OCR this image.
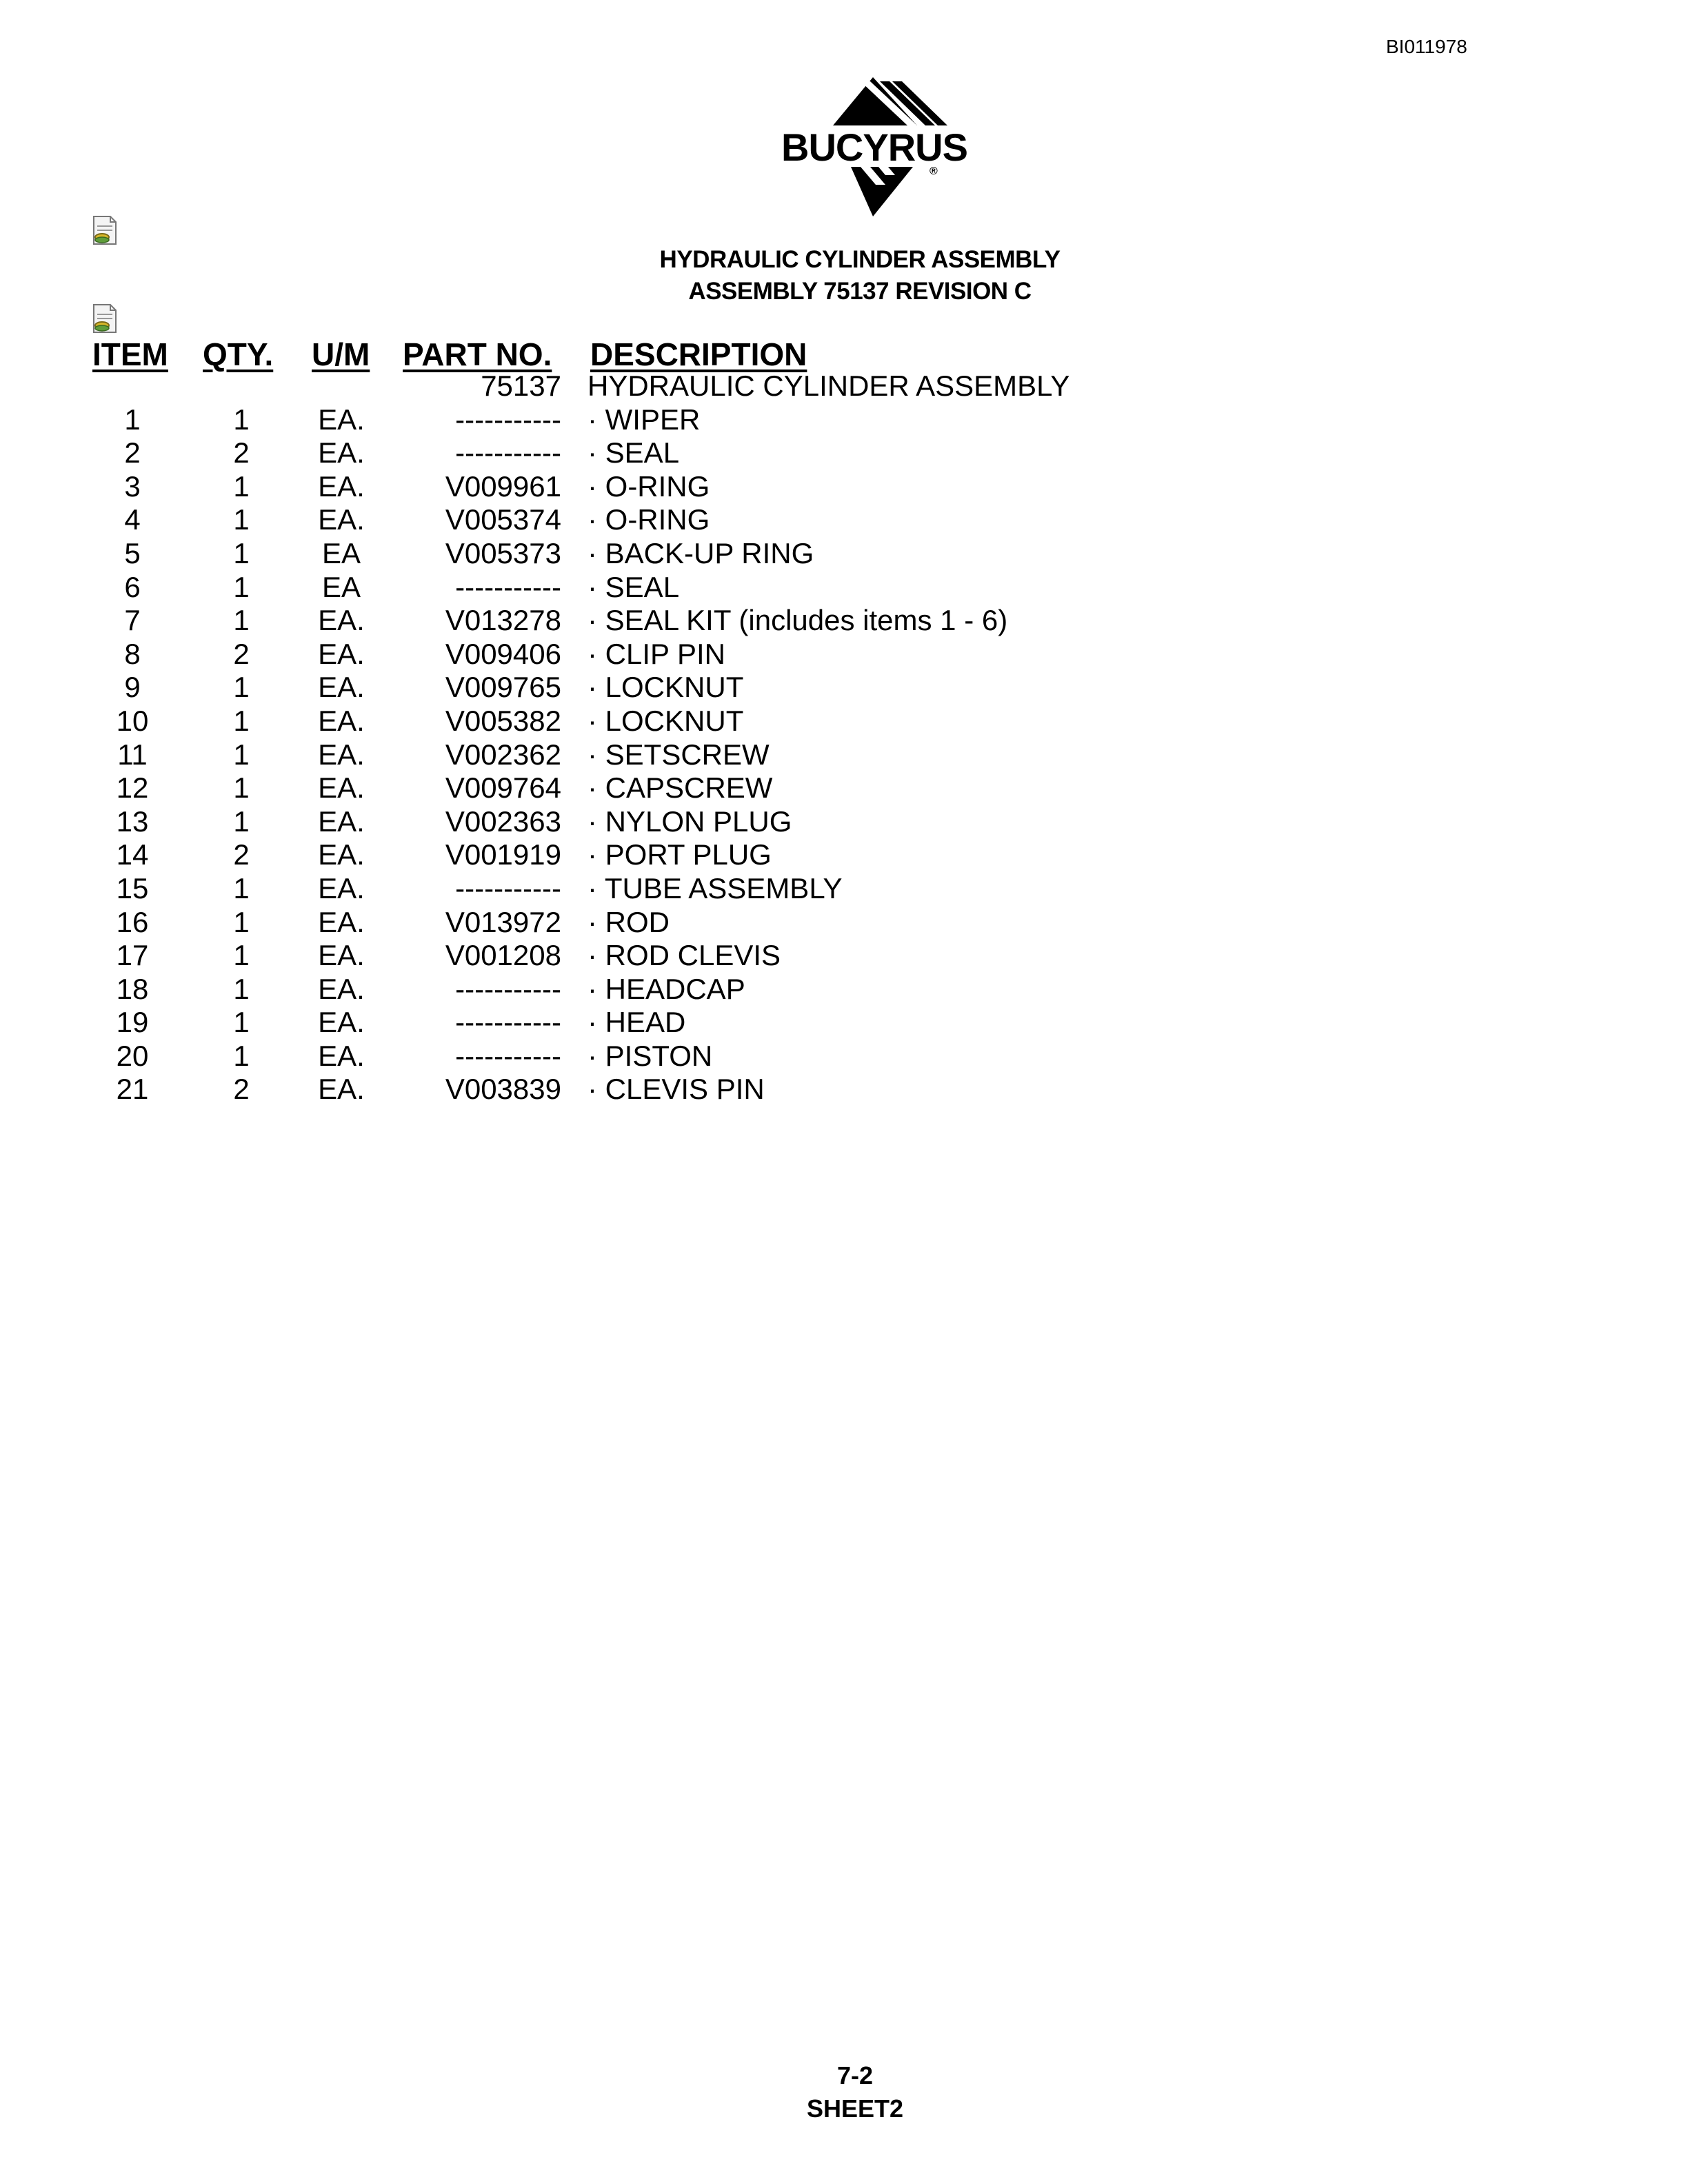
BI011978
BUCYRUS
®
HYDRAULIC CYLINDER ASSEMBLY
ASSEMBLY 75137 REVISION C
ITEM QTY. U/M PART NO. DESCRIPTION
75137 HYDRAULIC CYLINDER ASSEMBLY
1	1	EA.	----------- · WIPER
2	2	EA.	----------- · SEAL
3	1	EA.	V009961 · O-RING
4	1	EA.	V005374 · O-RING
5	1	EA	V005373 · BACK-UP RING
6	1	EA	----------- · SEAL
7	1	EA.	V013278 · SEAL KIT (includes items 1 - 6)
8	2	EA.	V009406 · CLIP PIN
9	1	EA.	V009765 · LOCKNUT
10	1	EA.	V005382 · LOCKNUT
11	1	EA.	V002362 · SETSCREW
12	1	EA.	V009764 · CAPSCREW
13	1	EA.	V002363 · NYLON PLUG
14	2	EA.	V001919 · PORT PLUG
15	1	EA.	----------- · TUBE ASSEMBLY
16	1	EA.	V013972 · ROD
17	1	EA.	V001208 · ROD CLEVIS
18	1	EA.	----------- · HEADCAP
19	1	EA.	----------- · HEAD
20	1	EA.	----------- · PISTON
21	2	EA.	V003839 · CLEVIS PIN
7-2
SHEET2
